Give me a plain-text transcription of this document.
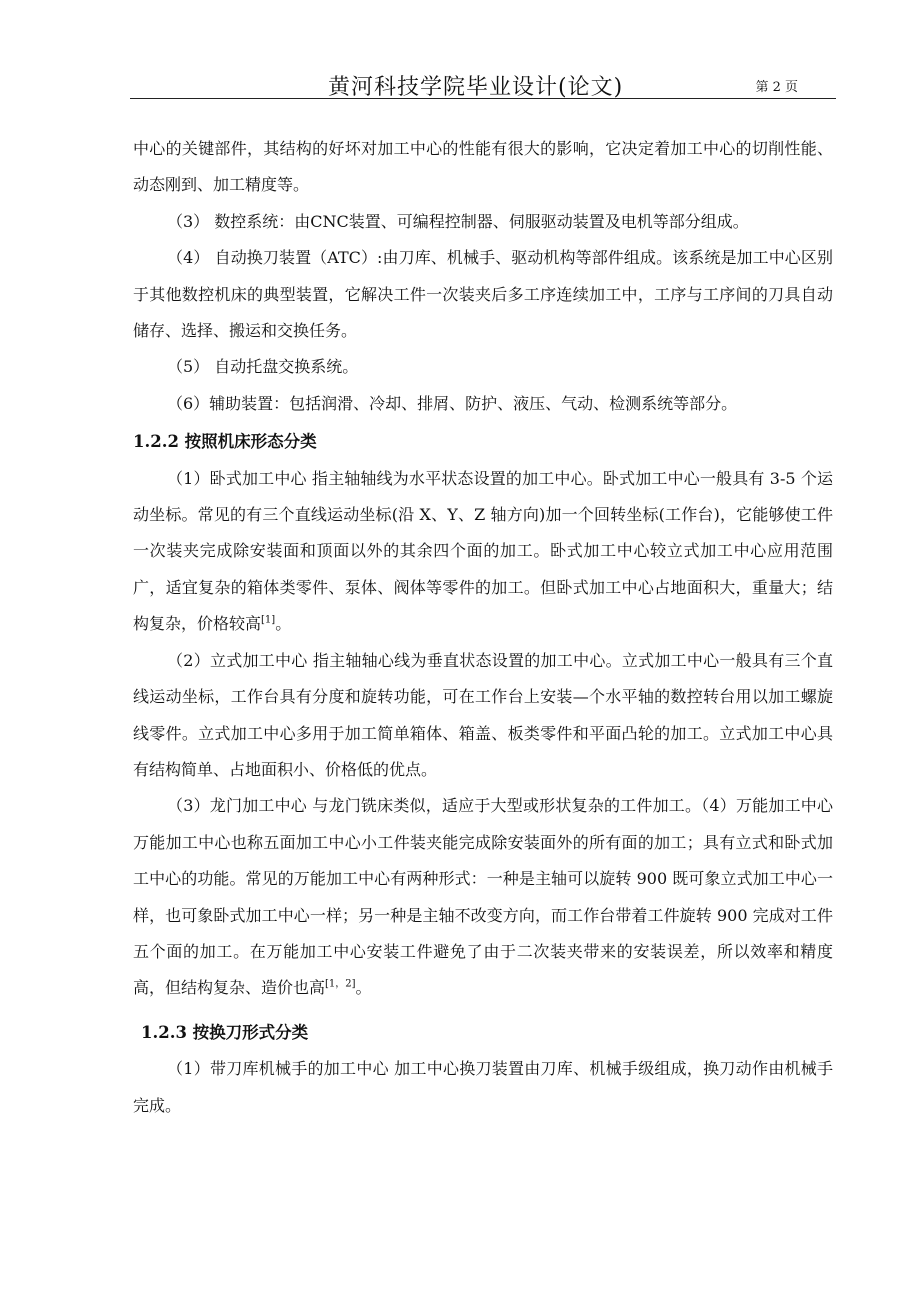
黄河科技学院毕业设计(论文)	第 2 页

中心的关键部件，其结构的好坏对加工中心的性能有很大的影响，它决定着加工中心的切削性能、动态刚到、加工精度等。

（3） 数控系统：由CNC装置、可编程控制器、伺服驱动装置及电机等部分组成。

（4） 自动换刀装置（ATC）:由刀库、机械手、驱动机构等部件组成。该系统是加工中心区别于其他数控机床的典型装置，它解决工件一次装夹后多工序连续加工中，工序与工序间的刀具自动储存、选择、搬运和交换任务。

（5） 自动托盘交换系统。

（6）辅助装置：包括润滑、冷却、排屑、防护、液压、气动、检测系统等部分。

1.2.2 按照机床形态分类

（1）卧式加工中心 指主轴轴线为水平状态设置的加工中心。卧式加工中心一般具有 3-5 个运动坐标。常见的有三个直线运动坐标(沿 X、Y、Z 轴方向)加一个回转坐标(工作台)，它能够使工件一次装夹完成除安装面和顶面以外的其余四个面的加工。卧式加工中心较立式加工中心应用范围广，适宜复杂的箱体类零件、泵体、阀体等零件的加工。但卧式加工中心占地面积大，重量大；结构复杂，价格较高[1]。

（2）立式加工中心 指主轴轴心线为垂直状态设置的加工中心。立式加工中心一般具有三个直线运动坐标，工作台具有分度和旋转功能，可在工作台上安装—个水平轴的数控转台用以加工螺旋线零件。立式加工中心多用于加工简单箱体、箱盖、板类零件和平面凸轮的加工。立式加工中心具有结构简单、占地面积小、价格低的优点。

（3）龙门加工中心 与龙门铣床类似，适应于大型或形状复杂的工件加工。（4）万能加工中心 万能加工中心也称五面加工中心小工件装夹能完成除安装面外的所有面的加工；具有立式和卧式加工中心的功能。常见的万能加工中心有两种形式：一种是主轴可以旋转 900 既可象立式加工中心一样，也可象卧式加工中心一样；另一种是主轴不改变方向，而工作台带着工件旋转 900 完成对工件五个面的加工。在万能加工中心安装工件避免了由于二次装夹带来的安装误差，所以效率和精度高，但结构复杂、造价也高[1，2]。

1.2.3 按换刀形式分类

（1）带刀库机械手的加工中心 加工中心换刀装置由刀库、机械手级组成，换刀动作由机械手完成。
